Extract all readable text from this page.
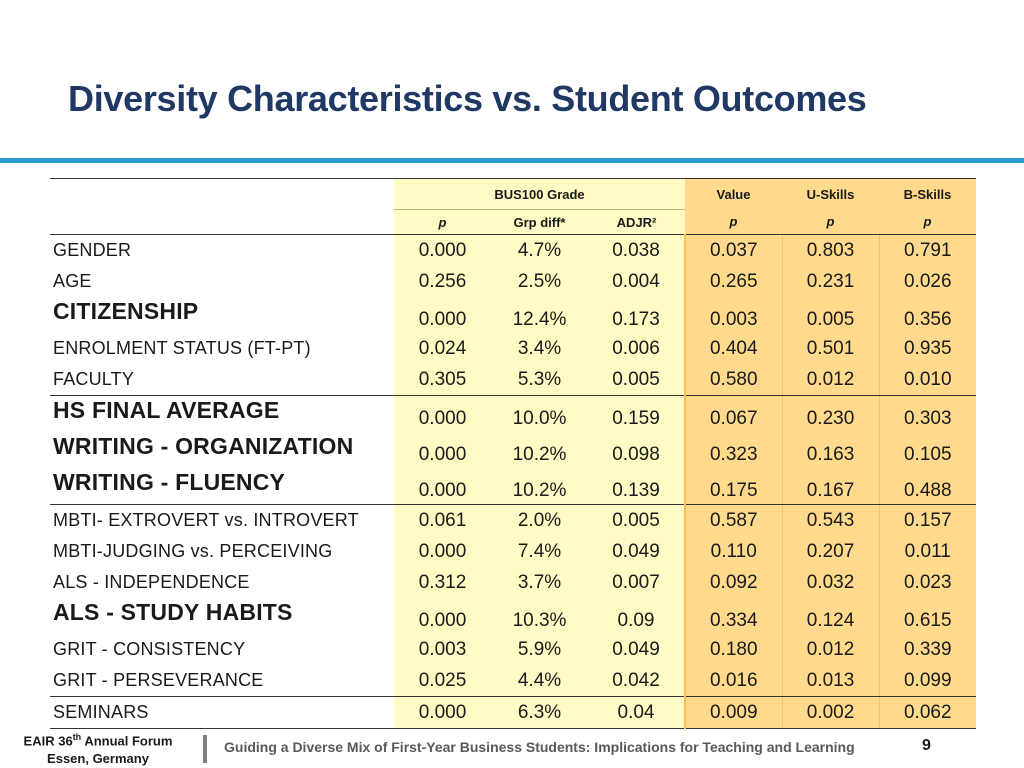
Diversity Characteristics vs. Student Outcomes
	BUS100 Grade			Value	U-Skills	B-Skills
	p	Grp diff*	ADJR²	p	p	p
GENDER	0.000	4.7%	0.038	0.037	0.803	0.791
AGE	0.256	2.5%	0.004	0.265	0.231	0.026
CITIZENSHIP	0.000	12.4%	0.173	0.003	0.005	0.356
ENROLMENT STATUS (FT-PT)	0.024	3.4%	0.006	0.404	0.501	0.935
FACULTY	0.305	5.3%	0.005	0.580	0.012	0.010
HS FINAL AVERAGE	0.000	10.0%	0.159	0.067	0.230	0.303
WRITING - ORGANIZATION	0.000	10.2%	0.098	0.323	0.163	0.105
WRITING - FLUENCY	0.000	10.2%	0.139	0.175	0.167	0.488
MBTI- EXTROVERT vs. INTROVERT	0.061	2.0%	0.005	0.587	0.543	0.157
MBTI-JUDGING vs. PERCEIVING	0.000	7.4%	0.049	0.110	0.207	0.011
ALS - INDEPENDENCE	0.312	3.7%	0.007	0.092	0.032	0.023
ALS - STUDY HABITS	0.000	10.3%	0.09	0.334	0.124	0.615
GRIT - CONSISTENCY	0.003	5.9%	0.049	0.180	0.012	0.339
GRIT - PERSEVERANCE	0.025	4.4%	0.042	0.016	0.013	0.099
SEMINARS	0.000	6.3%	0.04	0.009	0.002	0.062
EAIR 36th Annual Forum
Essen, Germany
Guiding a Diverse Mix of First-Year Business Students: Implications for Teaching and Learning	9
